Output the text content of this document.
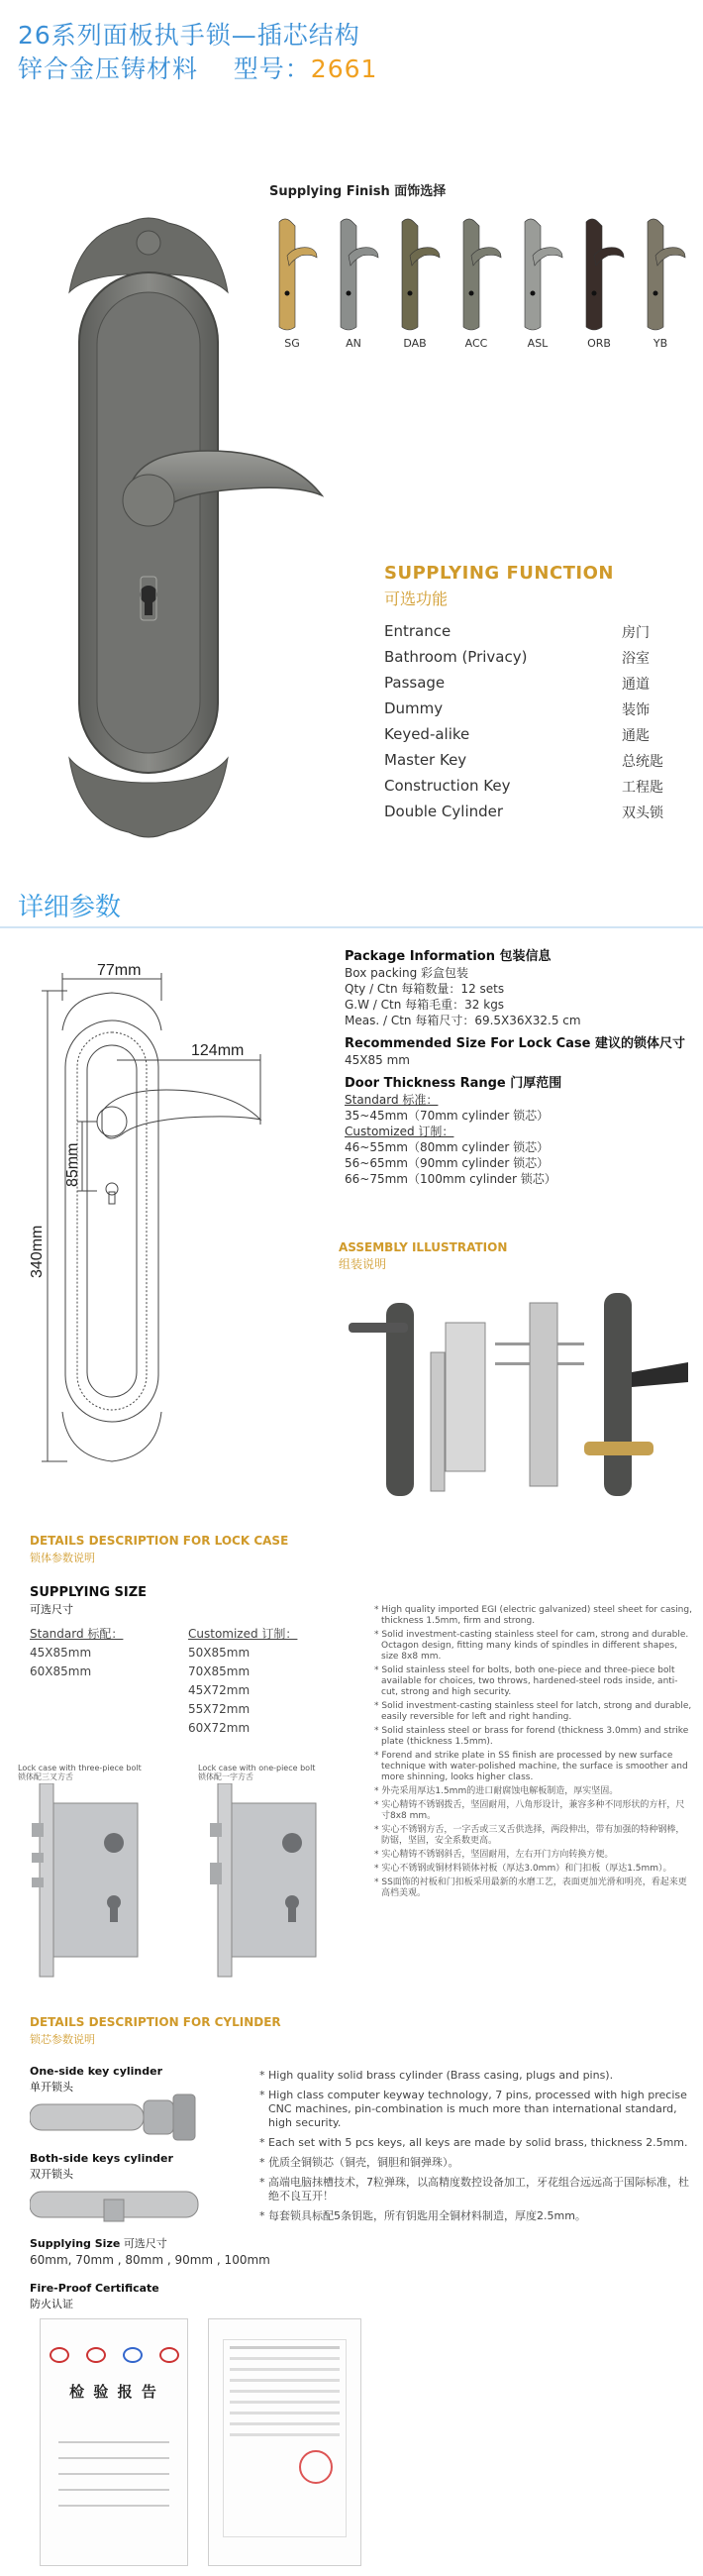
26系列面板执手锁—插芯结构
锌合金压铸材料    型号：2661
Supplying Finish 面饰选择
SG	AN	DAB	ACC	ASL	ORB	YB
SUPPLYING FUNCTION
可选功能
Entrance	房门
Bathroom (Privacy)	浴室
Passage	通道
Dummy	装饰
Keyed-alike	通匙
Master Key	总统匙
Construction Key	工程匙
Double Cylinder	双头锁
详细参数
77mm
124mm
340mm
85mm
Package Information 包装信息
Box packing 彩盒包装
Qty / Ctn 每箱数量：12 sets
G.W / Ctn 每箱毛重：32 kgs
Meas. / Ctn 每箱尺寸：69.5X36X32.5 cm
Recommended Size For Lock Case 建议的锁体尺寸
45X85 mm
Door Thickness Range 门厚范围
Standard 标准：
35~45mm（70mm cylinder 锁芯）
Customized 订制：
46~55mm（80mm cylinder 锁芯）
56~65mm（90mm cylinder 锁芯）
66~75mm（100mm cylinder 锁芯）
ASSEMBLY ILLUSTRATION
组装说明
DETAILS DESCRIPTION FOR LOCK CASE
锁体参数说明
SUPPLYING SIZE
可选尺寸
Standard 标配：
45X85mm
60X85mm
Customized 订制：
50X85mm
70X85mm
45X72mm
55X72mm
60X72mm
Lock case with three-piece bolt
锁体配三叉方舌
Lock case with one-piece bolt
锁体配一字方舌
* High quality imported EGI (electric galvanized) steel sheet for casing, thickness 1.5mm, firm and strong.
* Solid investment-casting stainless steel for cam, strong and durable. Octagon design, fitting many kinds of spindles in different shapes, size 8x8 mm.
* Solid stainless steel for bolts, both one-piece and three-piece bolt available for choices, two throws, hardened-steel rods inside, anti-cut, strong and high security.
* Solid investment-casting stainless steel for latch, strong and durable, easily reversible for left and right handing.
* Solid stainless steel or brass for forend (thickness 3.0mm) and strike plate (thickness 1.5mm).
* Forend and strike plate in SS finish are processed by new surface technique with water-polished machine, the surface is smoother and more shinning, looks higher class.
* 外壳采用厚达1.5mm的进口耐腐蚀电解板制造，厚实坚固。
* 实心精铸不锈钢拨舌，坚固耐用，八角形设计，兼容多种不同形状的方杆，尺寸8x8 mm。
* 实心不锈钢方舌，一字舌或三叉舌供选择，两段伸出，带有加强的特种钢棒，防锯，坚固，安全系数更高。
* 实心精铸不锈钢斜舌，坚固耐用，左右开门方向转换方便。
* 实心不锈钢或铜材料锁体衬板（厚达3.0mm）和门扣板（厚达1.5mm）。
* SS面饰的衬板和门扣板采用最新的水磨工艺，表面更加光滑和明亮，看起来更高档美观。
DETAILS DESCRIPTION FOR CYLINDER
锁芯参数说明
One-side key cylinder
单开锁头
Both-side keys cylinder
双开锁头
Supplying Size 可选尺寸
60mm, 70mm , 80mm , 90mm , 100mm
* High quality solid brass cylinder (Brass casing, plugs and pins).
* High class computer keyway technology, 7 pins, processed with high precise CNC machines, pin-combination is much more than international standard, high security.
* Each set with 5 pcs keys, all keys are made by solid brass, thickness 2.5mm.
* 优质全铜锁芯（铜壳，铜胆和铜弹珠）。
* 高端电脑抹槽技术，7粒弹珠，以高精度数控设备加工，牙花组合远远高于国际标准，杜绝不良互开！
* 每套锁具标配5条钥匙，所有钥匙用全铜材料制造，厚度2.5mm。
Fire-Proof Certificate
防火认证
检 验 报 告
